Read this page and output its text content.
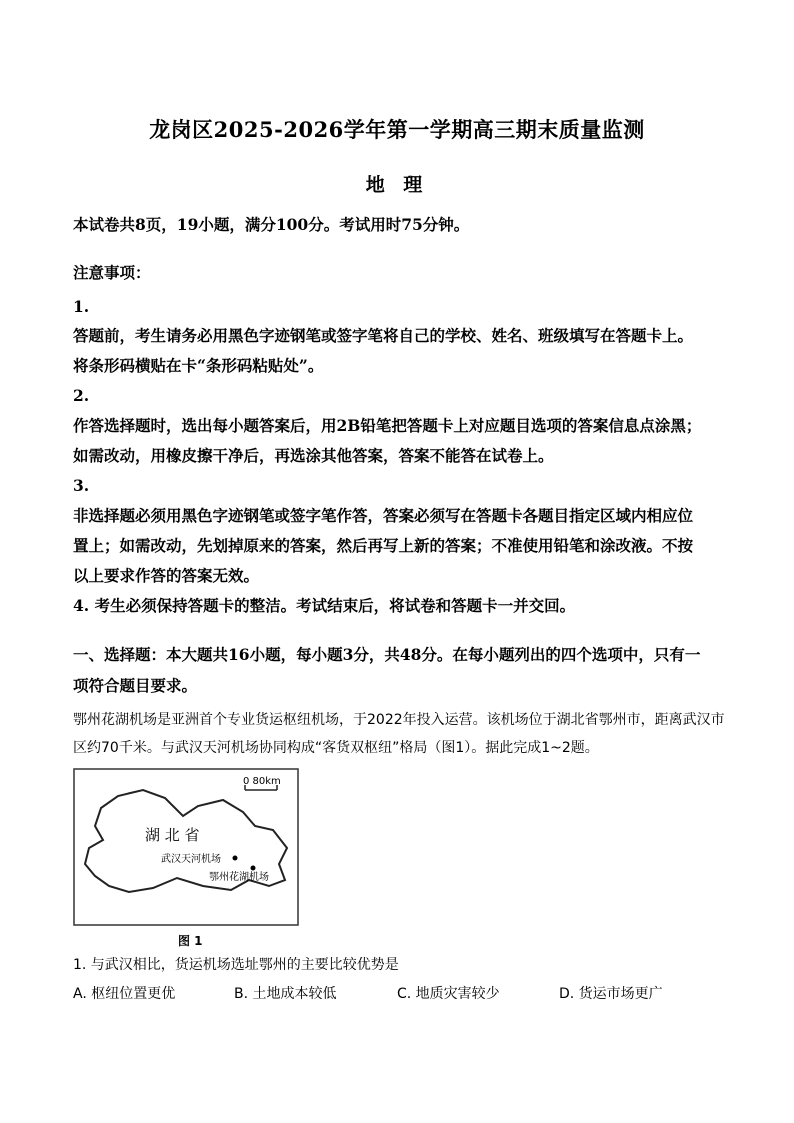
龙岗区2025-2026学年第一学期高三期末质量监测
地 理
本试卷共8页，19小题，满分100分。考试用时75分钟。
注意事项：
1.
答题前，考生请务必用黑色字迹钢笔或签字笔将自己的学校、姓名、班级填写在答题卡上。
将条形码横贴在卡“条形码粘贴处”。
2.
作答选择题时，选出每小题答案后，用2B铅笔把答题卡上对应题目选项的答案信息点涂黑；
如需改动，用橡皮擦干净后，再选涂其他答案，答案不能答在试卷上。
3.
非选择题必须用黑色字迹钢笔或签字笔作答，答案必须写在答题卡各题目指定区域内相应位
置上；如需改动，先划掉原来的答案，然后再写上新的答案；不准使用铅笔和涂改液。不按
以上要求作答的答案无效。
4. 考生必须保持答题卡的整洁。考试结束后，将试卷和答题卡一并交回。
一、选择题：本大题共16小题，每小题3分，共48分。在每小题列出的四个选项中，只有一
项符合题目要求。
鄂州花湖机场是亚洲首个专业货运枢纽机场，于2022年投入运营。该机场位于湖北省鄂州市，距离武汉市
区约70千米。与武汉天河机场协同构成“客货双枢纽”格局（图1）。据此完成1~2题。
0 80km
湖 北 省
武汉天河机场
鄂州花湖机场
图 1
1. 与武汉相比，货运机场选址鄂州的主要比较优势是
A. 枢纽位置更优	B. 土地成本较低	C. 地质灾害较少	D. 货运市场更广
